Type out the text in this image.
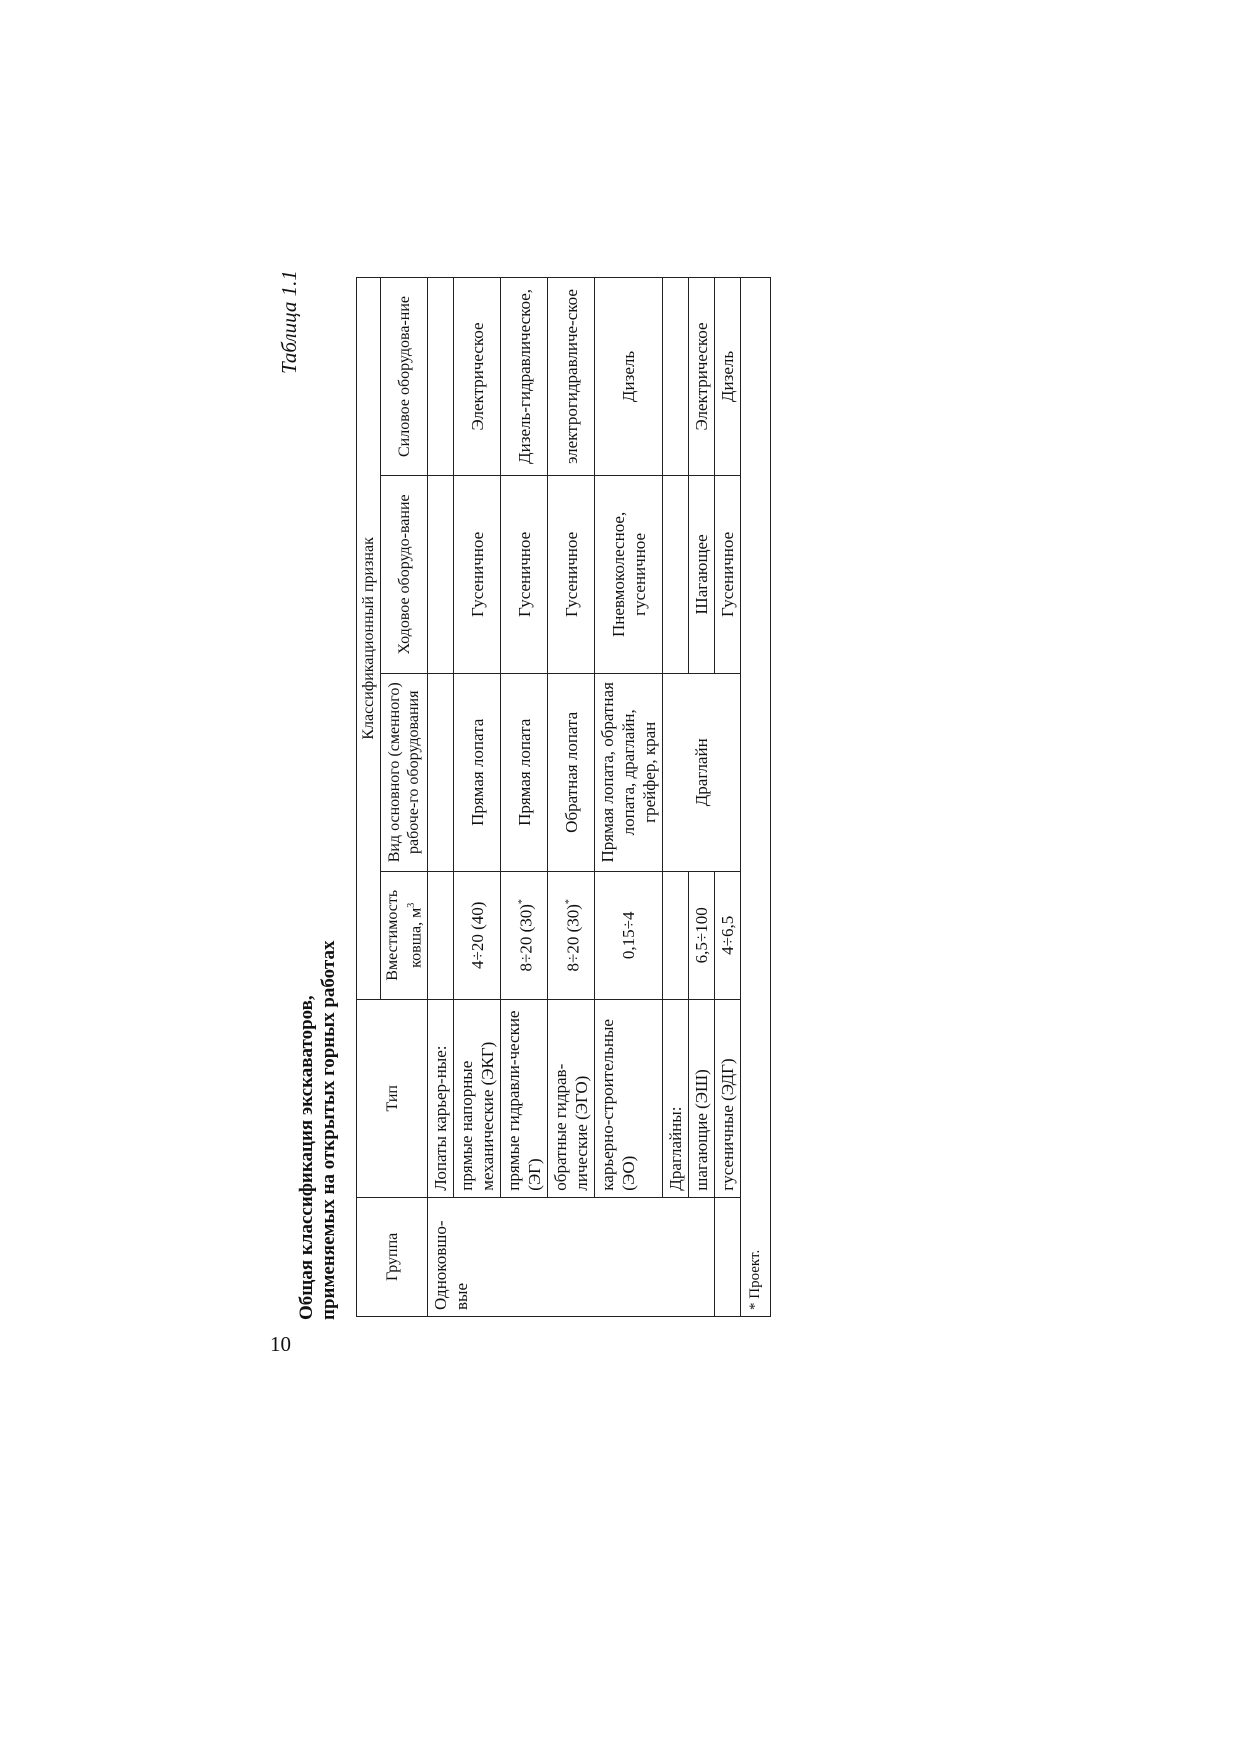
10
Таблица 1.1
Общая классификация экскаваторов, применяемых на открытых горных работах	Группа	Тип	Классификационный признак			
		Вместимость ковша, $м^3$	Вид основного (сменного) рабоче-го оборудования	Ходовое оборудо-вание	Силовое оборудова-ние
Одноковшо-вые	Лопаты карьер-ные:				
	прямые напорные механические (ЭКГ)	4÷20 (40)	Прямая лопата	Гусеничное	Электрическое
	прямые гидравли-ческие (ЭГ)	8÷20 (30)*	Прямая лопата	Гусеничное	Дизель-гидравлическое,
	обратные гидрав-лические (ЭГО)	8÷20 (30)*	Обратная лопата	Гусеничное	электрогидравличе-ское
	карьерно-строительные (ЭО)	0,15÷4	Прямая лопата, обратная лопата, драглайн, грейфер, кран	Пневмоколесное, гусеничное	Дизель
	Драглайны:		Драглайн		
	шагающие (ЭШ)	6,5÷100		Шагающее	Электрическое
	гусеничные (ЭДГ)	4÷6,5		Гусеничное	Дизель
* Проект.					
